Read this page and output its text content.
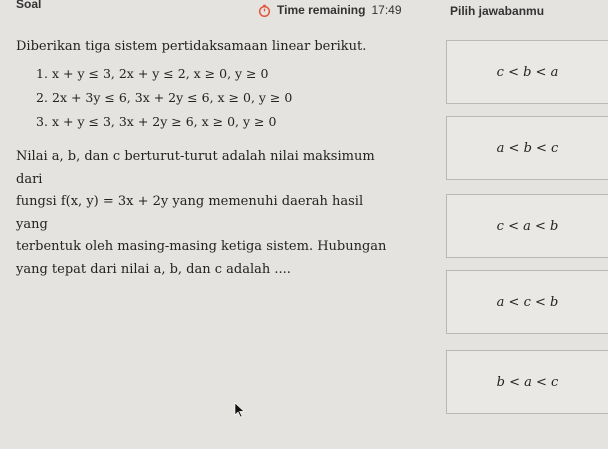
Soal	Time remaining 17:49	Pilih jawabanmu
Diberikan tiga sistem pertidaksamaan linear berikut.
1. x + y ≤ 3, 2x + y ≤ 2, x ≥ 0, y ≥ 0
2. 2x + 3y ≤ 6, 3x + 2y ≤ 6, x ≥ 0, y ≥ 0
3. x + y ≤ 3, 3x + 2y ≥ 6, x ≥ 0, y ≥ 0
Nilai a, b, dan c berturut-turut adalah nilai maksimum dari
fungsi f(x, y) = 3x + 2y yang memenuhi daerah hasil yang
terbentuk oleh masing-masing ketiga sistem. Hubungan
yang tepat dari nilai a, b, dan c adalah ....
c < b < a
a < b < c
c < a < b
a < c < b
b < a < c
